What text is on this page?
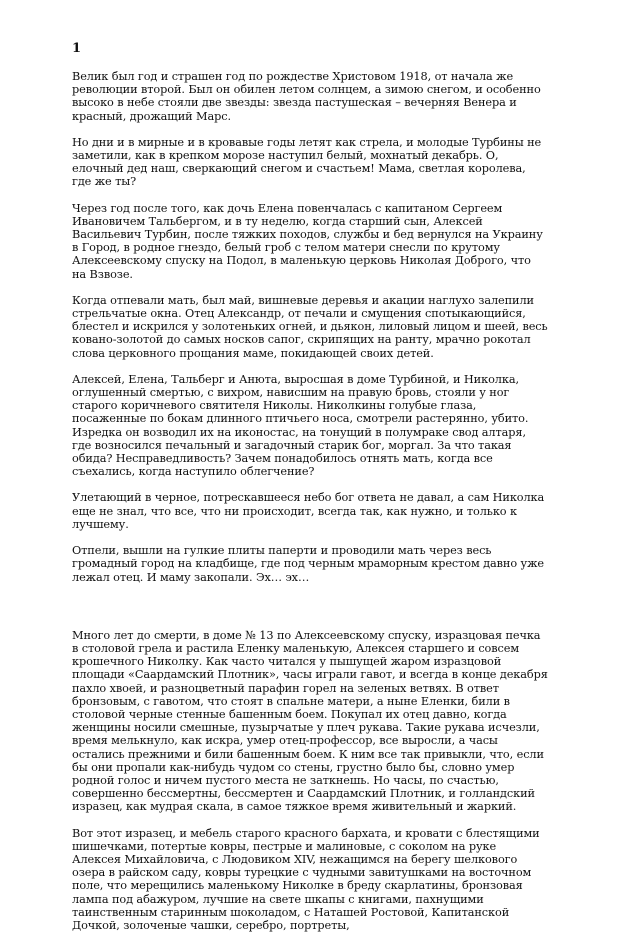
1

Велик был год и страшен год по рождестве Христовом 1918, от начала же революции второй. Был он обилен летом солнцем, а зимою снегом, и особенно высоко в небе стояли две звезды: звезда пастушеская – вечерняя Венера и красный, дрожащий Марс.

Но дни и в мирные и в кровавые годы летят как стрела, и молодые Турбины не заметили, как в крепком морозе наступил белый, мохнатый декабрь. О, елочный дед наш, сверкающий снегом и счастьем! Мама, светлая королева, где же ты?

Через год после того, как дочь Елена повенчалась с капитаном Сергеем Ивановичем Тальбергом, и в ту неделю, когда старший сын, Алексей Васильевич Турбин, после тяжких походов, службы и бед вернулся на Украину в Город, в родное гнездо, белый гроб с телом матери снесли по крутому Алексеевскому спуску на Подол, в маленькую церковь Николая Доброго, что на Взвозе.

Когда отпевали мать, был май, вишневые деревья и акации наглухо залепили стрельчатые окна. Отец Александр, от печали и смущения спотыкающийся, блестел и искрился у золотеньких огней, и дьякон, лиловый лицом и шеей, весь ковано-золотой до самых носков сапог, скрипящих на ранту, мрачно рокотал слова церковного прощания маме, покидающей своих детей.

Алексей, Елена, Тальберг и Анюта, выросшая в доме Турбиной, и Николка, оглушенный смертью, с вихром, нависшим на правую бровь, стояли у ног старого коричневого святителя Николы. Николкины голубые глаза, посаженные по бокам длинного птичьего носа, смотрели растерянно, убито. Изредка он возводил их на иконостас, на тонущий в полумраке свод алтаря, где возносился печальный и загадочный старик бог, моргал. За что такая обида? Несправедливость? Зачем понадобилось отнять мать, когда все съехались, когда наступило облегчение?

Улетающий в черное, потрескавшееся небо бог ответа не давал, а сам Николка еще не знал, что все, что ни происходит, всегда так, как нужно, и только к лучшему.

Отпели, вышли на гулкие плиты паперти и проводили мать через весь громадный город на кладбище, где под черным мраморным крестом давно уже лежал отец. И маму закопали. Эх… эх…

Много лет до смерти, в доме № 13 по Алексеевскому спуску, изразцовая печка в столовой грела и растила Еленку маленькую, Алексея старшего и совсем крошечного Николку. Как часто читался у пышущей жаром изразцовой площади «Саардамский Плотник», часы играли гавот, и всегда в конце декабря пахло хвоей, и разноцветный парафин горел на зеленых ветвях. В ответ бронзовым, с гавотом, что стоят в спальне матери, а ныне Еленки, били в столовой черные стенные башенным боем. Покупал их отец давно, когда женщины носили смешные, пузырчатые у плеч рукава. Такие рукава исчезли, время мелькнуло, как искра, умер отец-профессор, все выросли, а часы остались прежними и били башенным боем. К ним все так привыкли, что, если бы они пропали как-нибудь чудом со стены, грустно было бы, словно умер родной голос и ничем пустого места не заткнешь. Но часы, по счастью, совершенно бессмертны, бессмертен и Саардамский Плотник, и голландский изразец, как мудрая скала, в самое тяжкое время живительный и жаркий.

Вот этот изразец, и мебель старого красного бархата, и кровати с блестящими шишечками, потертые ковры, пестрые и малиновые, с соколом на руке Алексея Михайловича, с Людовиком XIV, нежащимся на берегу шелкового озера в райском саду, ковры турецкие с чудными завитушками на восточном поле, что мерещились маленькому Николке в бреду скарлатины, бронзовая лампа под абажуром, лучшие на свете шкапы с книгами, пахнущими таинственным старинным шоколадом, с Наташей Ростовой, Капитанской Дочкой, золоченые чашки, серебро, портреты,
